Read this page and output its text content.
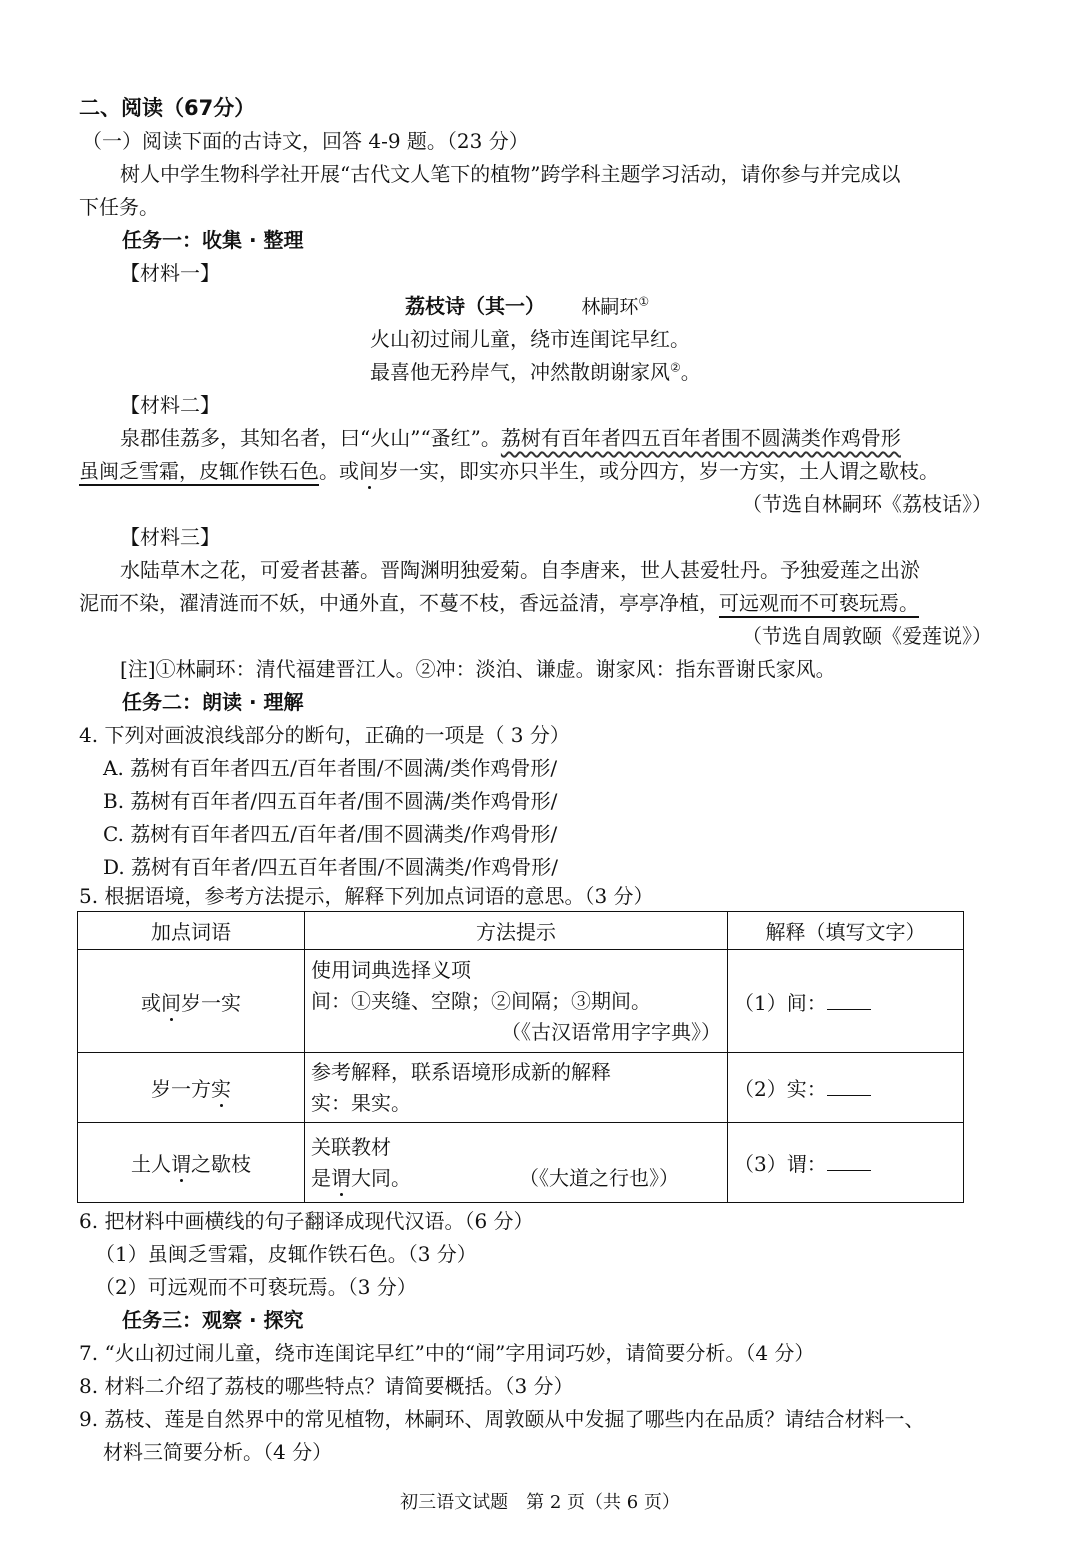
二、阅读（67分）
（一）阅读下面的古诗文，回答 4-9 题。（23 分）
树人中学生物科学社开展“古代文人笔下的植物”跨学科主题学习活动，请你参与并完成以
下任务。
任务一：收集 · 整理
【材料一】
荔枝诗（其一） 林嗣环①
火山初过闹儿童，绕市连闺诧早红。
最喜他无矜岸气，冲然散朗谢家风②。
【材料二】
泉郡佳荔多，其知名者，曰“火山”“蚤红”。荔树有百年者四五百年者围不圆满类作鸡骨形
虽闽乏雪霜，皮辄作铁石色。或间岁一实，即实亦只半生，或分四方，岁一方实，土人谓之歇枝。
（节选自林嗣环《荔枝话》）
【材料三】
水陆草木之花，可爱者甚蕃。晋陶渊明独爱菊。自李唐来，世人甚爱牡丹。予独爱莲之出淤
泥而不染，濯清涟而不妖，中通外直，不蔓不枝，香远益清，亭亭净植，可远观而不可亵玩焉。
（节选自周敦颐《爱莲说》）
[注]①林嗣环：清代福建晋江人。②冲：淡泊、谦虚。谢家风：指东晋谢氏家风。
任务二：朗读 · 理解
4. 下列对画波浪线部分的断句，正确的一项是（ 3 分）
A. 荔树有百年者四五/百年者围/不圆满/类作鸡骨形/
B. 荔树有百年者/四五百年者/围不圆满/类作鸡骨形/
C. 荔树有百年者四五/百年者/围不圆满类/作鸡骨形/
D. 荔树有百年者/四五百年者围/不圆满类/作鸡骨形/
5. 根据语境，参考方法提示，解释下列加点词语的意思。（3 分）
加点词语	方法提示	解释（填写文字）
或间岁一实	使用词典选择义项
间：①夹缝、空隙；②间隔；③期间。
（《古汉语常用字字典》）	（1）间：
岁一方实	参考解释，联系语境形成新的解释
实：果实。	（2）实：
土人谓之歇枝	关联教材
是谓大同。 （《大道之行也》）	（3）谓：
6. 把材料中画横线的句子翻译成现代汉语。（6 分）
（1）虽闽乏雪霜，皮辄作铁石色。（3 分）
（2）可远观而不可亵玩焉。（3 分）
任务三：观察 · 探究
7. “火山初过闹儿童，绕市连闺诧早红”中的“闹”字用词巧妙，请简要分析。（4 分）
8. 材料二介绍了荔枝的哪些特点？请简要概括。（3 分）
9. 荔枝、莲是自然界中的常见植物，林嗣环、周敦颐从中发掘了哪些内在品质？请结合材料一、
材料三简要分析。（4 分）
初三语文试题　第 2 页（共 6 页）
